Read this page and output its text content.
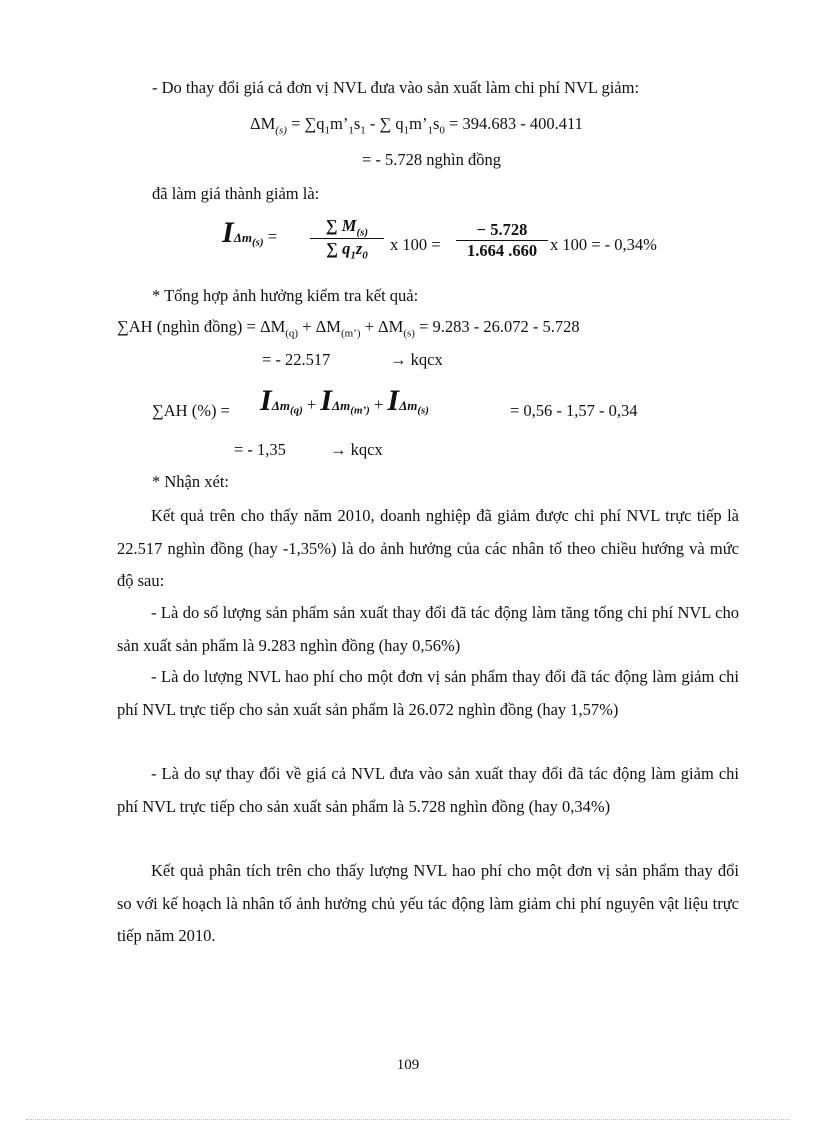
- Do thay đổi giá cả đơn vị NVL đưa vào sản xuất làm chi phí NVL giảm:
$\Delta M_{(s)}$ = $\sum q_1m’_1s_1$ - ∑ $q_1m’_1s_0 = 394.683 - 400.411$
= - 5.728 nghìn đồng
đã làm giá thành giảm là:
IΔm$_{(s)}$ =
∑ $M_{(s)}$
∑ $q_1z_0$
x 100 =
− 5.728
1.664 .660 x 100 = - 0,34%
* Tổng hợp ảnh hưởng kiểm tra kết quả:
∑AH (nghìn đồng) = $\Delta M_{(q)} + \Delta M_{(m’)} + \Delta M_{(s)} = 9.283 - 26.072 - 5.728$
= - 22.517	→ kqcx
∑AH (%) = IΔm$_{(q)}$ + IΔm$_{(m’)}$ + IΔm$_{(s)}$	= 0,56 - 1,57 - 0,34
= - 1,35	→ kqcx
* Nhận xét:
Kết quả trên cho thấy năm 2010, doanh nghiệp đã giảm được chi phí NVL trực tiếp là 22.517 nghìn đồng (hay -1,35%) là do ảnh hưởng của các nhân tố theo chiều hướng và mức độ sau:
- Là do số lượng sản phẩm sản xuất thay đổi đã tác động làm tăng tổng chi phí NVL cho sản xuất sản phẩm là 9.283 nghìn đồng (hay 0,56%)
- Là do lượng NVL hao phí cho một đơn vị sản phẩm thay đổi đã tác động làm giảm chi phí NVL trực tiếp cho sản xuất sản phẩm là 26.072 nghìn đồng (hay 1,57%)
- Là do sự thay đổi về giá cả NVL đưa vào sản xuất thay đổi đã tác động làm giảm chi phí NVL trực tiếp cho sản xuất sản phẩm là 5.728 nghìn đồng (hay 0,34%)
Kết quả phân tích trên cho thấy lượng NVL hao phí cho một đơn vị sản phẩm thay đổi so với kế hoạch là nhân tố ảnh hưởng chủ yếu tác động làm giảm chi phí nguyên vật liệu trực tiếp năm 2010.
109
